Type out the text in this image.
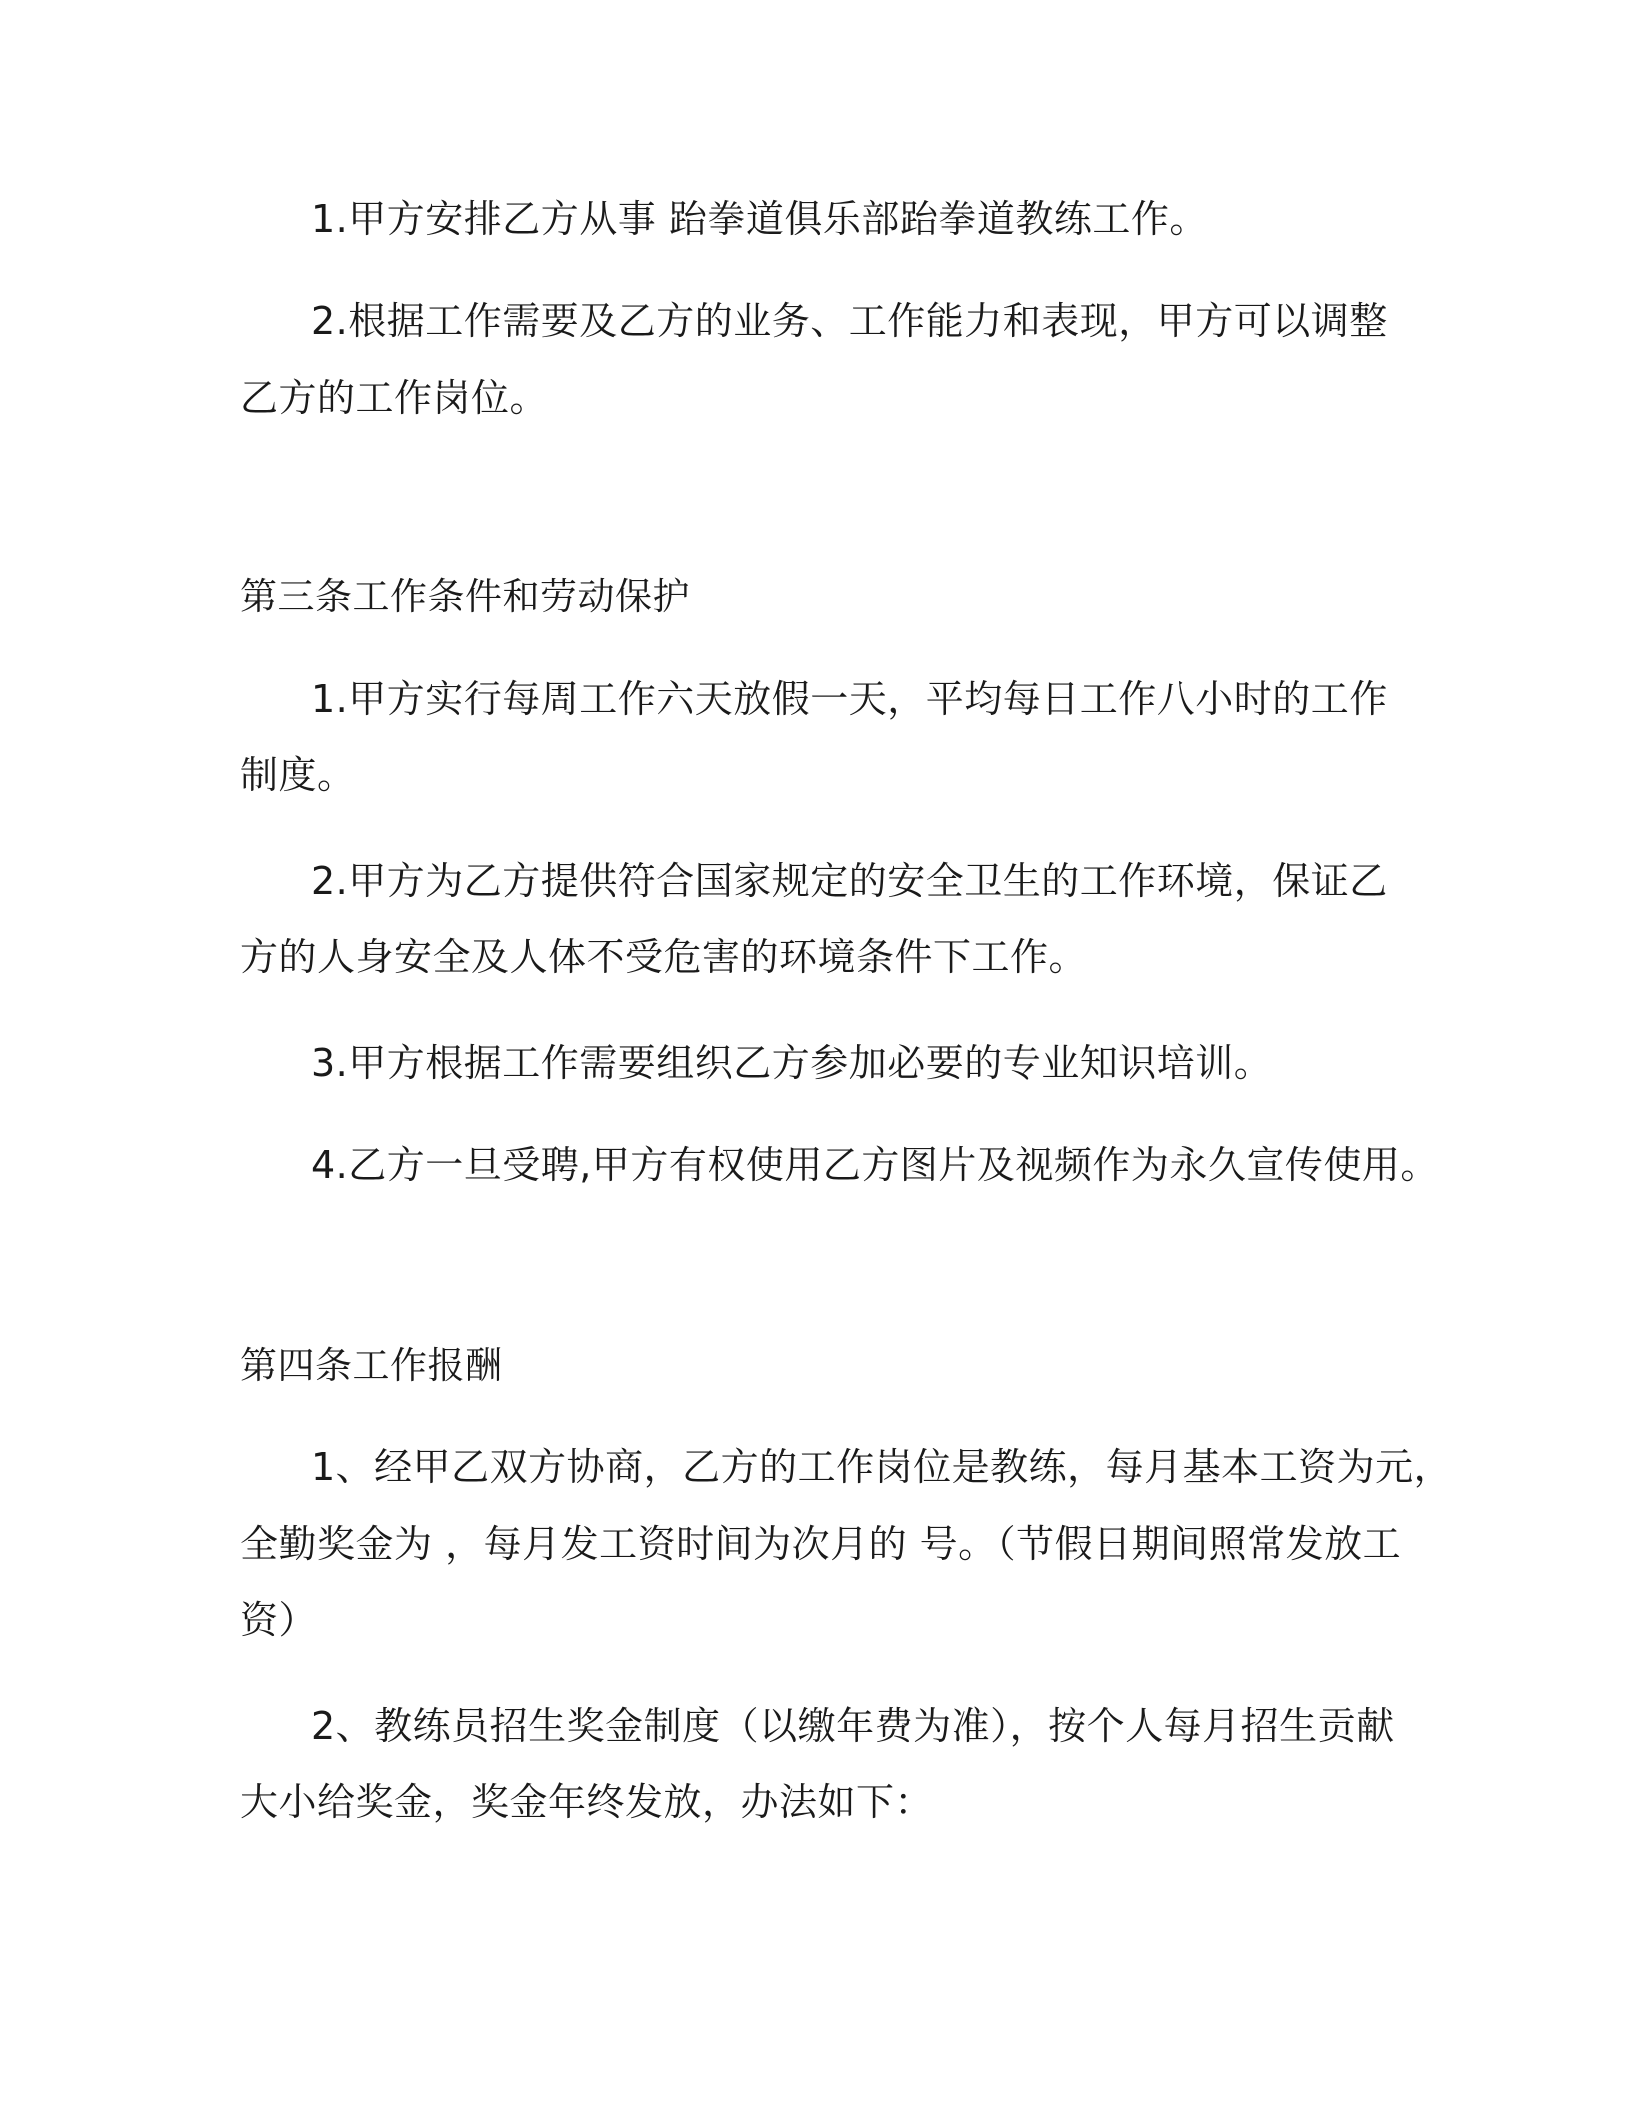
1.甲方安排乙方从事 跆拳道俱乐部跆拳道教练工作。
2.根据工作需要及乙方的业务、工作能力和表现，甲方可以调整
乙方的工作岗位。
第三条工作条件和劳动保护
1.甲方实行每周工作六天放假一天，平均每日工作八小时的工作
制度。
2.甲方为乙方提供符合国家规定的安全卫生的工作环境，保证乙
方的人身安全及人体不受危害的环境条件下工作。
3.甲方根据工作需要组织乙方参加必要的专业知识培训。
4.乙方一旦受聘,甲方有权使用乙方图片及视频作为永久宣传使用。
第四条工作报酬
1、经甲乙双方协商，乙方的工作岗位是教练，每月基本工资为元，
全勤奖金为 ，每月发工资时间为次月的 号。（节假日期间照常发放工
资）
2、教练员招生奖金制度（以缴年费为准），按个人每月招生贡献
大小给奖金，奖金年终发放，办法如下：
